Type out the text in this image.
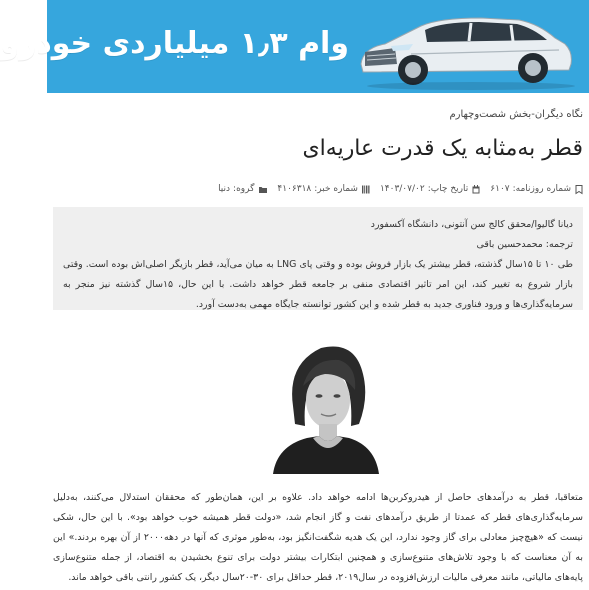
وام ۱٫۳ میلیاردی خودرو
نگاه دیگران-بخش شصت‌وچهارم
قطر به‌مثابه یک قدرت عاریه‌ای
شماره روزنامه:
۶۱۰۷
تاریخ چاپ:
۱۴۰۳/۰۷/۰۲
شماره خبر:
۴۱۰۶۳۱۸
گروه:
دنیا

دیانا گالیوا/محقق کالج سن آنتونی، دانشگاه آکسفورد

ترجمه: محمدحسین باقی

طی ۱۰ تا ۱۵سال گذشته، قطر بیشتر یک بازار فروش بوده و وقتی پای LNG به میان می‌آید، قطر بازیگر اصلی‌اش بوده است. وقتی بازار شروع به تغییر کند، این امر تاثیر اقتصادی منفی بر جامعه قطر خواهد داشت. با این حال، ۱۵سال گذشته نیز منجر به سرمایه‌گذاری‌ها و ورود فناوری جدید به قطر شده و این کشور توانسته جایگاه مهمی به‌دست آورد.

متعاقبا، قطر به درآمدهای حاصل از هیدروکربن‌ها ادامه خواهد داد. علاوه بر این، همان‌طور که محققان استدلال می‌کنند، به‌دلیل سرمایه‌گذاری‌های قطر که عمدتا از طریق درآمدهای نفت و گاز انجام شد، «دولت قطر همیشه خوب خواهد بود». با این حال، شکی نیست که «هیچ‌چیز معادلی برای گاز وجود ندارد، این یک هدیه شگفت‌انگیز بود، به‌طور موثری که آنها در دهه۲۰۰۰ از آن بهره بردند.» این به آن معناست که با وجود تلاش‌های متنوع‌سازی و همچنین ابتکارات بیشتر دولت برای تنوع بخشیدن به اقتصاد، از جمله متنوع‌سازی پایه‌های مالیاتی، مانند معرفی مالیات ارزش‌افزوده در سال۲۰۱۹، قطر حداقل برای ۳۰-۲۰سال دیگر، یک کشور رانتی باقی خواهد ماند.
